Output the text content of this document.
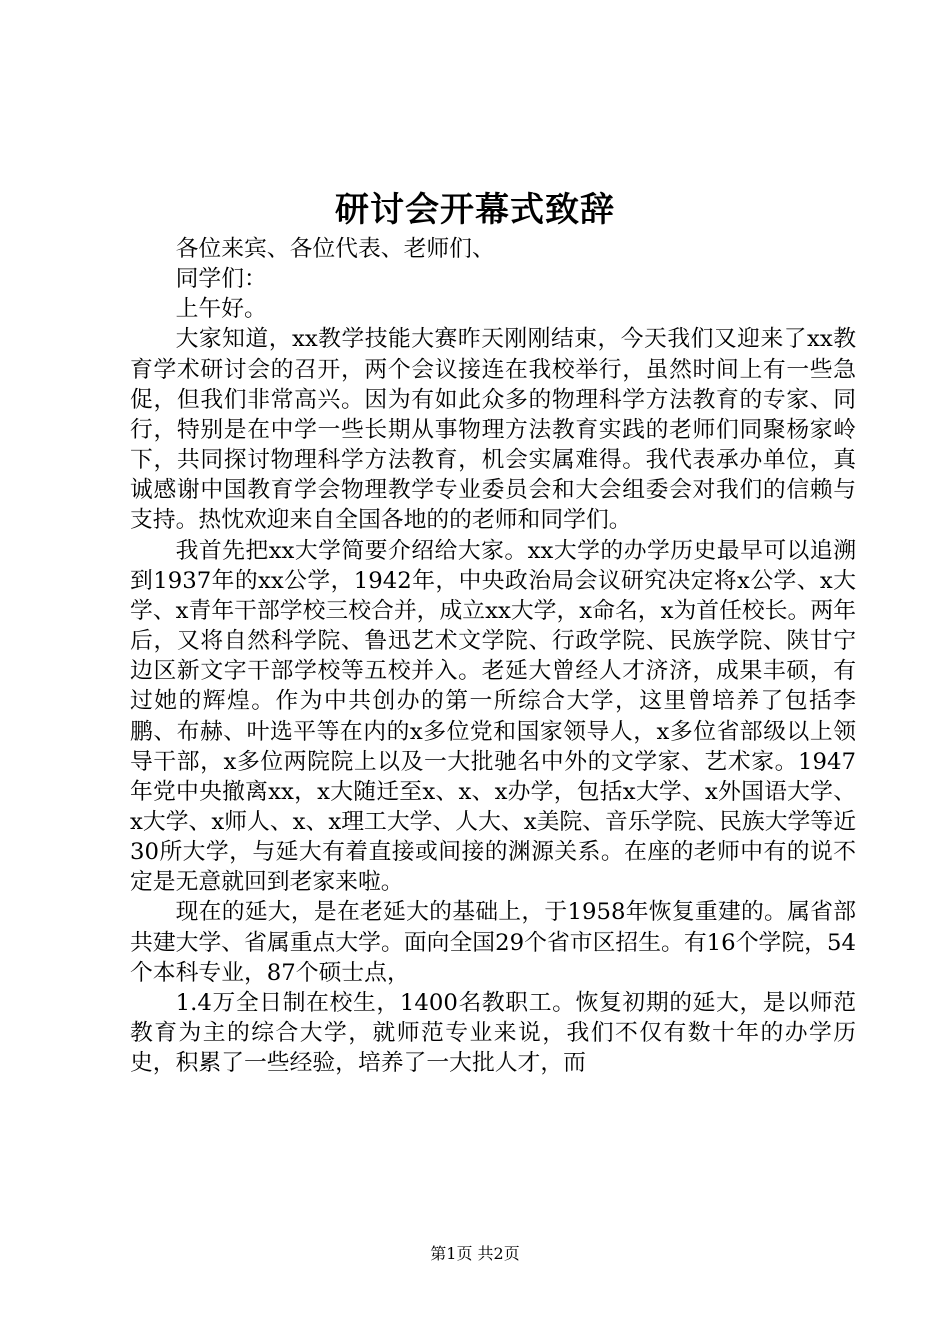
研讨会开幕式致辞

各位来宾、各位代表、老师们、

同学们：

上午好。

大家知道，xx教学技能大赛昨天刚刚结束，今天我们又迎来了xx教育学术研讨会的召开，两个会议接连在我校举行，虽然时间上有一些急促，但我们非常高兴。因为有如此众多的物理科学方法教育的专家、同行，特别是在中学一些长期从事物理方法教育实践的老师们同聚杨家岭下，共同探讨物理科学方法教育，机会实属难得。我代表承办单位，真诚感谢中国教育学会物理教学专业委员会和大会组委会对我们的信赖与支持。热忱欢迎来自全国各地的的老师和同学们。

我首先把xx大学简要介绍给大家。xx大学的办学历史最早可以追溯到1937年的xx公学，1942年，中央政治局会议研究决定将x公学、x大学、x青年干部学校三校合并，成立xx大学，x命名，x为首任校长。两年后，又将自然科学院、鲁迅艺术文学院、行政学院、民族学院、陕甘宁边区新文字干部学校等五校并入。老延大曾经人才济济，成果丰硕，有过她的辉煌。作为中共创办的第一所综合大学，这里曾培养了包括李鹏、布赫、叶选平等在内的x多位党和国家领导人，x多位省部级以上领导干部，x多位两院院上以及一大批驰名中外的文学家、艺术家。1947年党中央撤离xx，x大随迁至x、x、x办学，包括x大学、x外国语大学、x大学、x师人、x、x理工大学、人大、x美院、音乐学院、民族大学等近30所大学，与延大有着直接或间接的渊源关系。在座的老师中有的说不定是无意就回到老家来啦。

现在的延大，是在老延大的基础上，于1958年恢复重建的。属省部共建大学、省属重点大学。面向全国29个省市区招生。有16个学院，54个本科专业，87个硕士点，

1.4万全日制在校生，1400名教职工。恢复初期的延大，是以师范教育为主的综合大学，就师范专业来说，我们不仅有数十年的办学历史，积累了一些经验，培养了一大批人才，而

第1页 共2页
